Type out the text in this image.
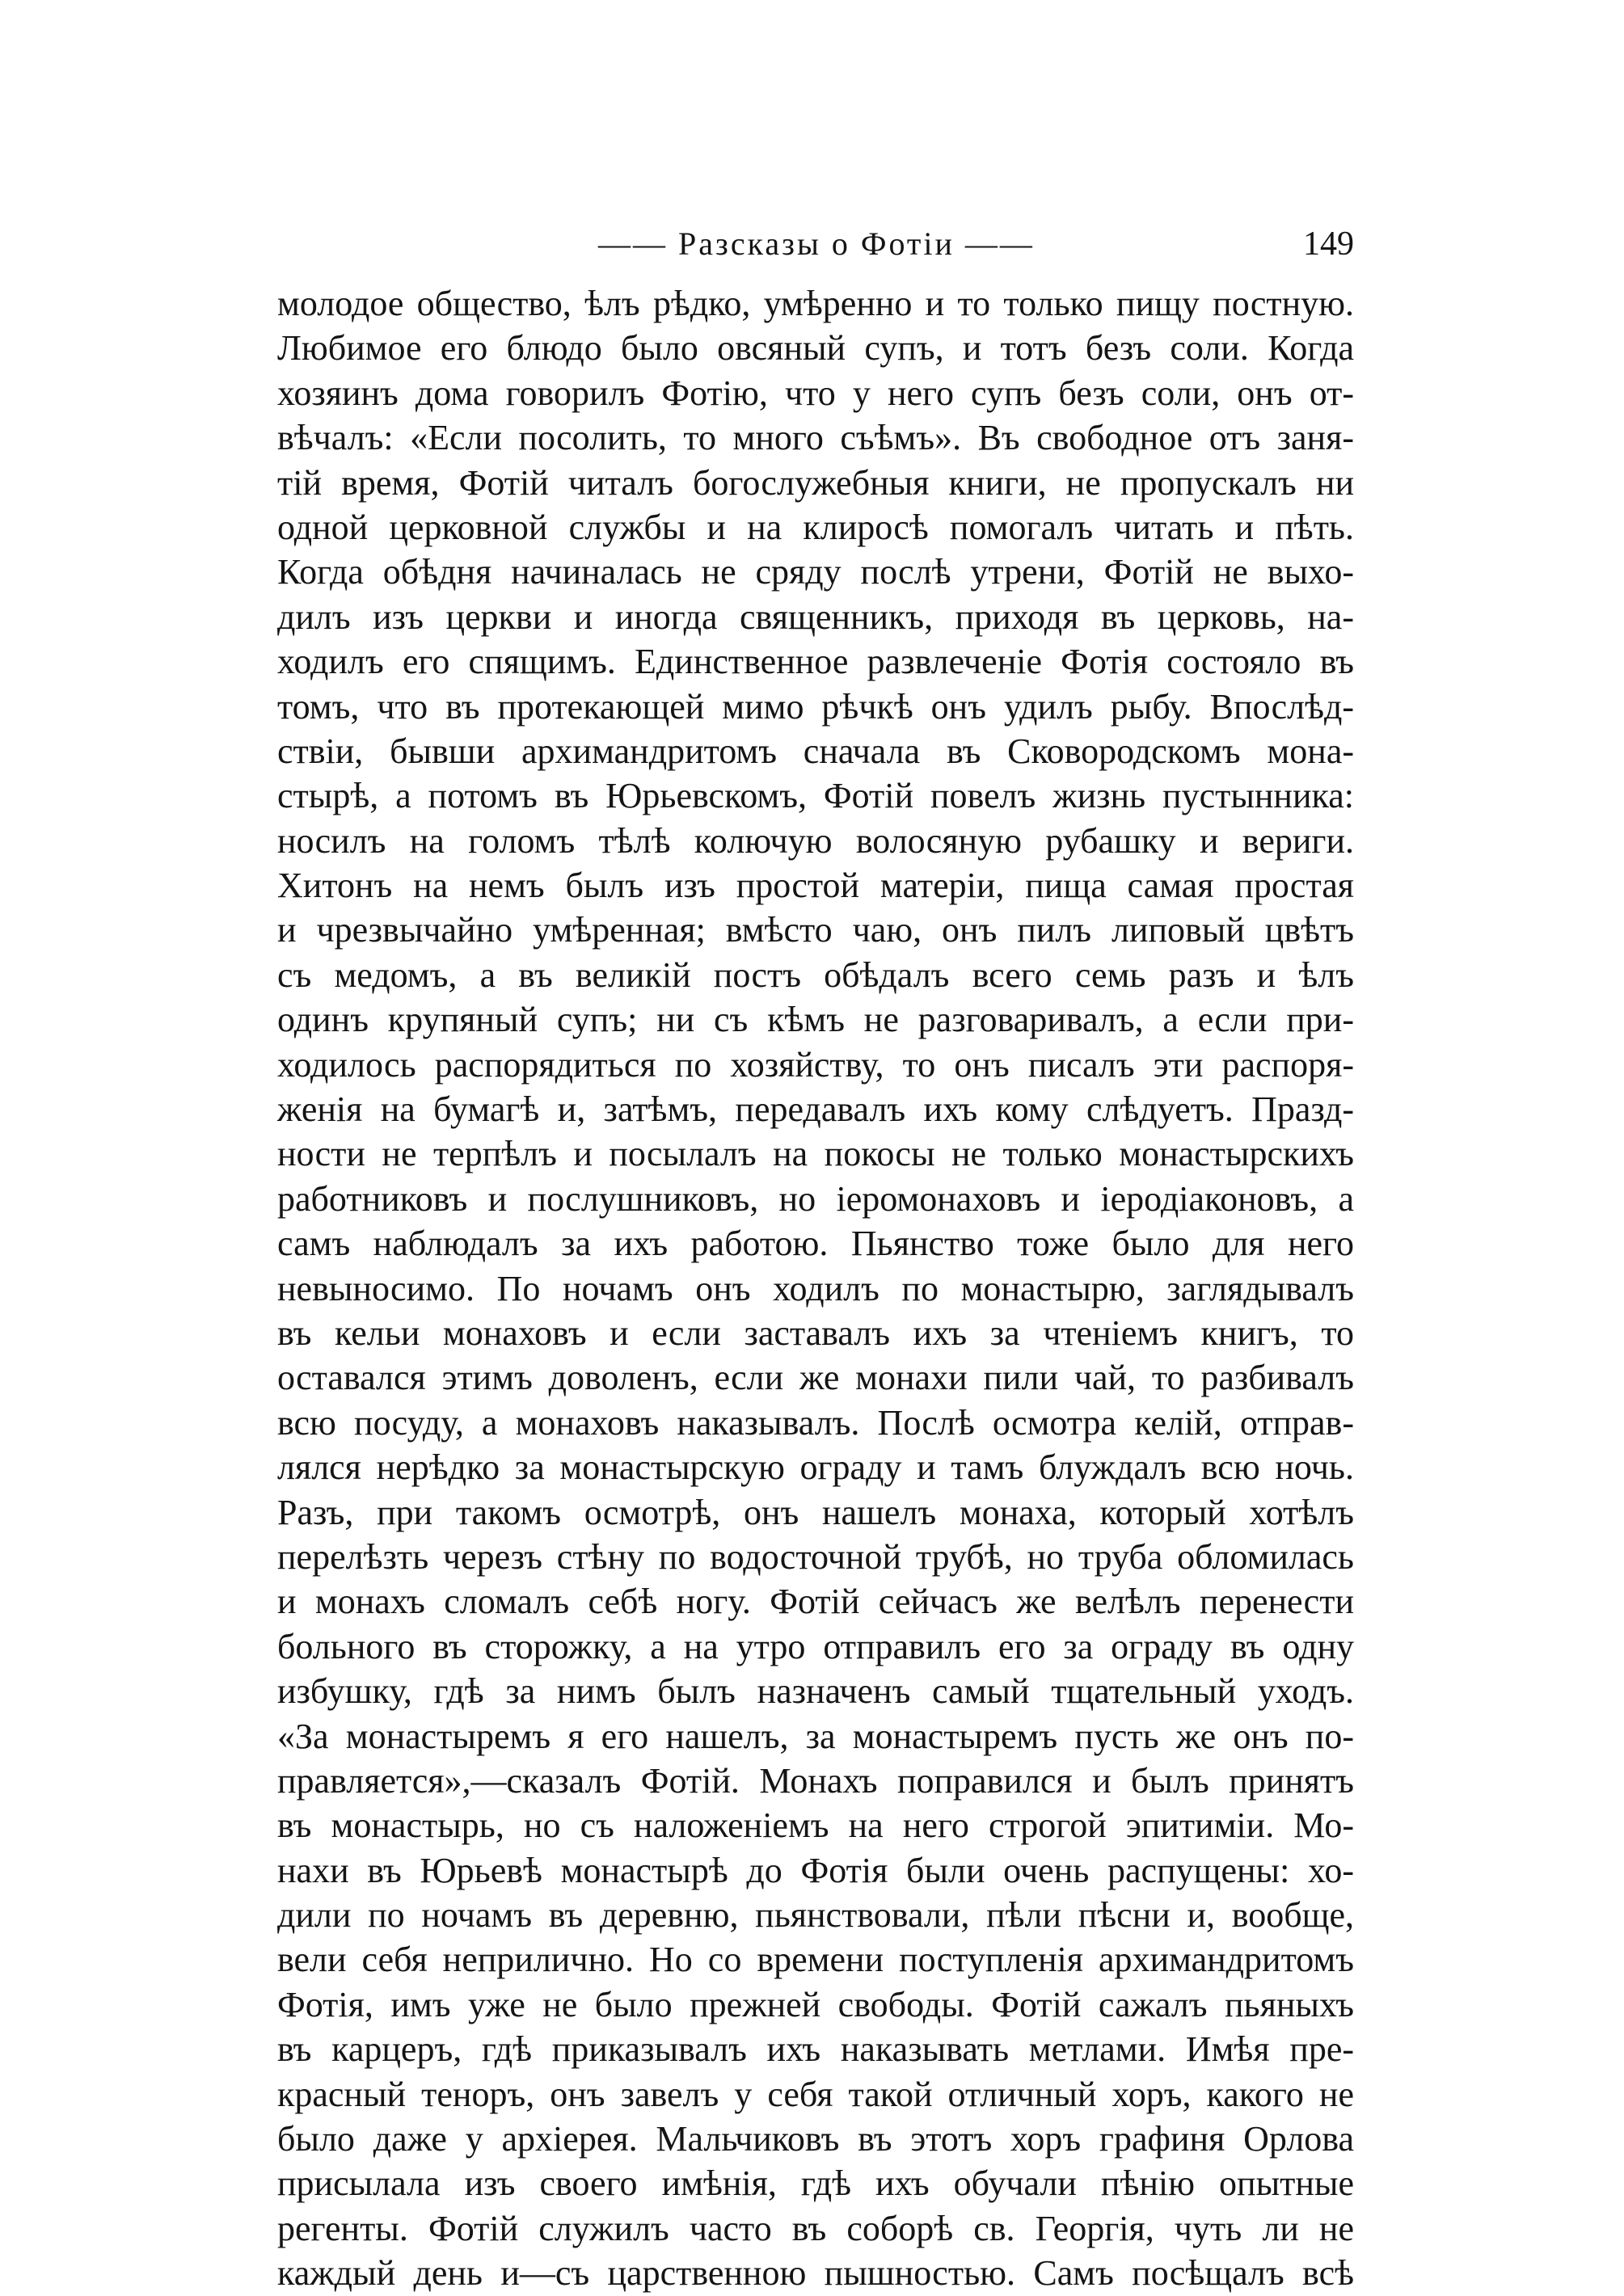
—— Разсказы о Фотіи ——	149
молодое общество, ѣлъ рѣдко, умѣренно и то только пищу постную.
Любимое его блюдо было овсяный супъ, и тотъ безъ соли. Когда
хозяинъ дома говорилъ Фотію, что у него супъ безъ соли, онъ от-
вѣчалъ: «Если посолить, то много съѣмъ». Въ свободное отъ заня-
тій время, Фотій читалъ богослужебныя книги, не пропускалъ ни
одной церковной службы и на клиросѣ помогалъ читать и пѣть.
Когда обѣдня начиналась не сряду послѣ утрени, Фотій не выхо-
дилъ изъ церкви и иногда священникъ, приходя въ церковь, на-
ходилъ его спящимъ. Единственное развлеченіе Фотія состояло въ
томъ, что въ протекающей мимо рѣчкѣ онъ удилъ рыбу. Впослѣд-
ствіи, бывши архимандритомъ сначала въ Сковородскомъ мона-
стырѣ, а потомъ въ Юрьевскомъ, Фотій повелъ жизнь пустынника:
носилъ на голомъ тѣлѣ колючую волосяную рубашку и вериги.
Хитонъ на немъ былъ изъ простой матеріи, пища самая простая
и чрезвычайно умѣренная; вмѣсто чаю, онъ пилъ липовый цвѣтъ
съ медомъ, а въ великій постъ обѣдалъ всего семь разъ и ѣлъ
одинъ крупяный супъ; ни съ кѣмъ не разговаривалъ, а если при-
ходилось распорядиться по хозяйству, то онъ писалъ эти распоря-
женія на бумагѣ и, затѣмъ, передавалъ ихъ кому слѣдуетъ. Празд-
ности не терпѣлъ и посылалъ на покосы не только монастырскихъ
работниковъ и послушниковъ, но іеромонаховъ и іеродіаконовъ, а
самъ наблюдалъ за ихъ работою. Пьянство тоже было для него
невыносимо. По ночамъ онъ ходилъ по монастырю, заглядывалъ
въ кельи монаховъ и если заставалъ ихъ за чтеніемъ книгъ, то
оставался этимъ доволенъ, если же монахи пили чай, то разбивалъ
всю посуду, а монаховъ наказывалъ. Послѣ осмотра келій, отправ-
лялся нерѣдко за монастырскую ограду и тамъ блуждалъ всю ночь.
Разъ, при такомъ осмотрѣ, онъ нашелъ монаха, который хотѣлъ
перелѣзть черезъ стѣну по водосточной трубѣ, но труба обломилась
и монахъ сломалъ себѣ ногу. Фотій сейчасъ же велѣлъ перенести
больного въ сторожку, а на утро отправилъ его за ограду въ одну
избушку, гдѣ за нимъ былъ назначенъ самый тщательный уходъ.
«За монастыремъ я его нашелъ, за монастыремъ пусть же онъ по-
правляется»,—сказалъ Фотій. Монахъ поправился и былъ принятъ
въ монастырь, но съ наложеніемъ на него строгой эпитиміи. Мо-
нахи въ Юрьевѣ монастырѣ до Фотія были очень распущены: хо-
дили по ночамъ въ деревню, пьянствовали, пѣли пѣсни и, вообще,
вели себя неприлично. Но со времени поступленія архимандритомъ
Фотія, имъ уже не было прежней свободы. Фотій сажалъ пьяныхъ
въ карцеръ, гдѣ приказывалъ ихъ наказывать метлами. Имѣя пре-
красный теноръ, онъ завелъ у себя такой отличный хоръ, какого не
было даже у архіерея. Мальчиковъ въ этотъ хоръ графиня Орлова
присылала изъ своего имѣнія, гдѣ ихъ обучали пѣнію опытные
регенты. Фотій служилъ часто въ соборѣ св. Георгія, чуть ли не
каждый день и—съ царственною пышностью. Самъ посѣщалъ всѣ
